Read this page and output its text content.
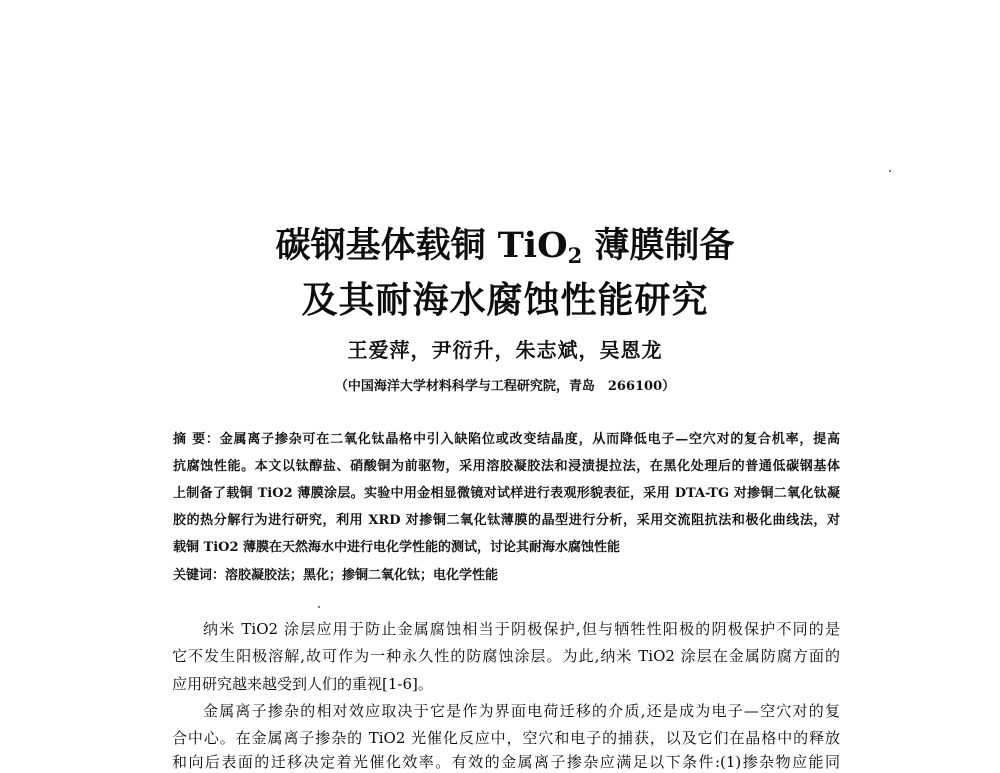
碳钢基体载铜 TiO$_2$ 薄膜制备
及其耐海水腐蚀性能研究
王爱萍，尹衍升，朱志斌，吴恩龙
（中国海洋大学材料科学与工程研究院，青岛　266100）
摘 要：金属离子掺杂可在二氧化钛晶格中引入缺陷位或改变结晶度，从而降低电子—空穴对的复合机率，提高
抗腐蚀性能。本文以钛醇盐、硝酸铜为前驱物，采用溶胶凝胶法和浸渍提拉法，在黑化处理后的普通低碳钢基体
上制备了载铜 TiO2 薄膜涂层。实验中用金相显微镜对试样进行表观形貌表征，采用 DTA-TG 对掺铜二氧化钛凝
胶的热分解行为进行研究，利用 XRD 对掺铜二氧化钛薄膜的晶型进行分析，采用交流阻抗法和极化曲线法，对
载铜 TiO2 薄膜在天然海水中进行电化学性能的测试，讨论其耐海水腐蚀性能
关键词：溶胶凝胶法；黑化；掺铜二氧化钛；电化学性能
纳米 TiO2 涂层应用于防止金属腐蚀相当于阴极保护,但与牺牲性阳极的阴极保护不同的是
它不发生阳极溶解,故可作为一种永久性的防腐蚀涂层。为此,纳米 TiO2 涂层在金属防腐方面的
应用研究越来越受到人们的重视[1-6]。
金属离子掺杂的相对效应取决于它是作为界面电荷迁移的介质,还是成为电子—空穴对的复
合中心。在金属离子掺杂的 TiO2 光催化反应中，空穴和电子的捕获，以及它们在晶格中的释放
和向后表面的迁移决定着光催化效率。有效的金属离子掺杂应满足以下条件:(1)掺杂物应能同
